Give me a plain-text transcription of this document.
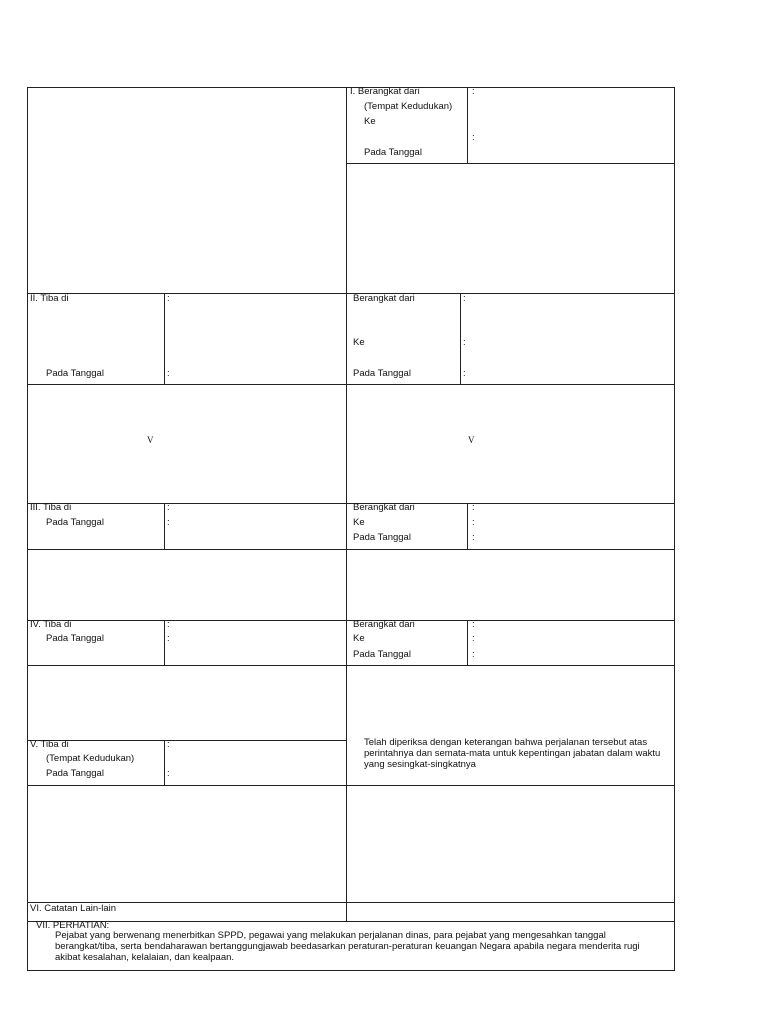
I. Berangkat dari
(Tempat Kedudukan)
Ke
Pada Tanggal
:
:
II. Tiba di
Pada Tanggal
:
:
Berangkat dari
Ke
Pada Tanggal
:
:
:
V	V
III. Tiba di
Pada Tanggal
:
:
Berangkat dari
Ke
Pada Tanggal
:
:
:
IV. Tiba di
Pada Tanggal
:
:
Berangkat dari
Ke
Pada Tanggal
:
:
:
V. Tiba di
(Tempat Kedudukan)
Pada Tanggal
:
:
Telah diperiksa dengan keterangan bahwa perjalanan tersebut atas perintahnya dan semata-mata untuk kepentingan jabatan dalam waktu yang sesingkat-singkatnya
VI. Catatan Lain-lain
VII. PERHATIAN:
Pejabat yang berwenang menerbitkan SPPD, pegawai yang melakukan perjalanan dinas, para pejabat yang mengesahkan tanggal berangkat/tiba, serta bendaharawan bertanggungjawab beedasarkan peraturan-peraturan keuangan Negara apabila negara menderita rugi akibat kesalahan, kelalaian, dan kealpaan.
